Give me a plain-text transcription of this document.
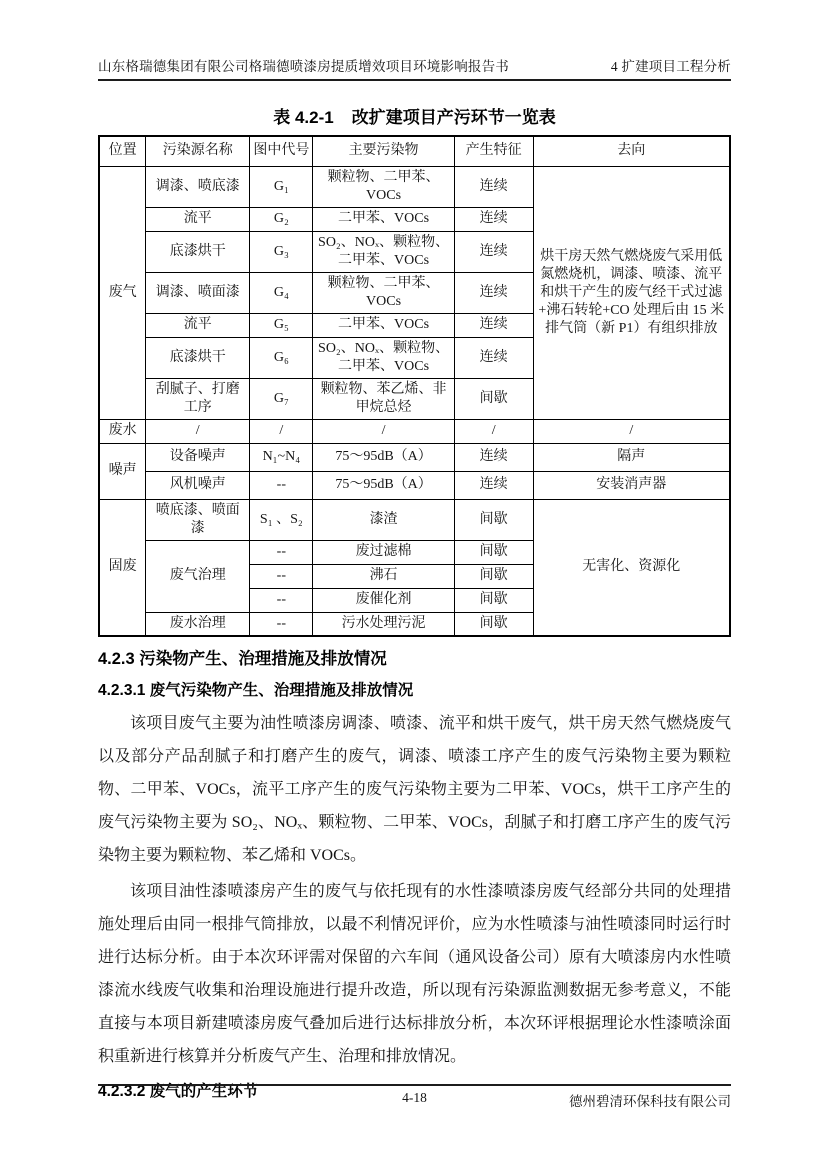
山东格瑞德集团有限公司格瑞德喷漆房提质增效项目环境影响报告书	4 扩建项目工程分析
表 4.2-1 改扩建项目产污环节一览表
位置	污染源名称	图中代号	主要污染物	产生特征	去向
废气	调漆、喷底漆	G₁	颗粒物、二甲苯、VOCs	连续	烘干房天然气燃烧废气采用低氮燃烧机，调漆、喷漆、流平和烘干产生的废气经干式过滤+沸石转轮+CO 处理后由 15 米排气筒（新 P1）有组织排放
	流平	G₂	二甲苯、VOCs	连续	
	底漆烘干	G₃	SO₂、NOₓ、颗粒物、二甲苯、VOCs	连续	
	调漆、喷面漆	G₄	颗粒物、二甲苯、VOCs	连续	
	流平	G₅	二甲苯、VOCs	连续	
	底漆烘干	G₆	SO₂、NOₓ、颗粒物、二甲苯、VOCs	连续	
	刮腻子、打磨工序	G₇	颗粒物、苯乙烯、非甲烷总烃	间歇	
废水	/	/	/	/	/
噪声	设备噪声	N₁~N₄	75～95dB（A）	连续	隔声
	风机噪声	--	75～95dB（A）	连续	安装消声器
固废	喷底漆、喷面漆	S₁ 、S₂	漆渣	间歇	无害化、资源化
	废气治理	--	废过滤棉	间歇	
		--	沸石	间歇	
		--	废催化剂	间歇	
	废水治理	--	污水处理污泥	间歇	
4.2.3 污染物产生、治理措施及排放情况
4.2.3.1 废气污染物产生、治理措施及排放情况

该项目废气主要为油性喷漆房调漆、喷漆、流平和烘干废气，烘干房天然气燃烧废气以及部分产品刮腻子和打磨产生的废气，调漆、喷漆工序产生的废气污染物主要为颗粒物、二甲苯、VOCs，流平工序产生的废气污染物主要为二甲苯、VOCs，烘干工序产生的废气污染物主要为 SO₂、NOₓ、颗粒物、二甲苯、VOCs，刮腻子和打磨工序产生的废气污染物主要为颗粒物、苯乙烯和 VOCs。

该项目油性漆喷漆房产生的废气与依托现有的水性漆喷漆房废气经部分共同的处理措施处理后由同一根排气筒排放，以最不利情况评价，应为水性喷漆与油性喷漆同时运行时进行达标分析。由于本次环评需对保留的六车间（通风设备公司）原有大喷漆房内水性喷漆流水线废气收集和治理设施进行提升改造，所以现有污染源监测数据无参考意义，不能直接与本项目新建喷漆房废气叠加后进行达标排放分析，本次环评根据理论水性漆喷涂面积重新进行核算并分析废气产生、治理和排放情况。

4.2.3.2 废气的产生环节	4-18	德州碧清环保科技有限公司
